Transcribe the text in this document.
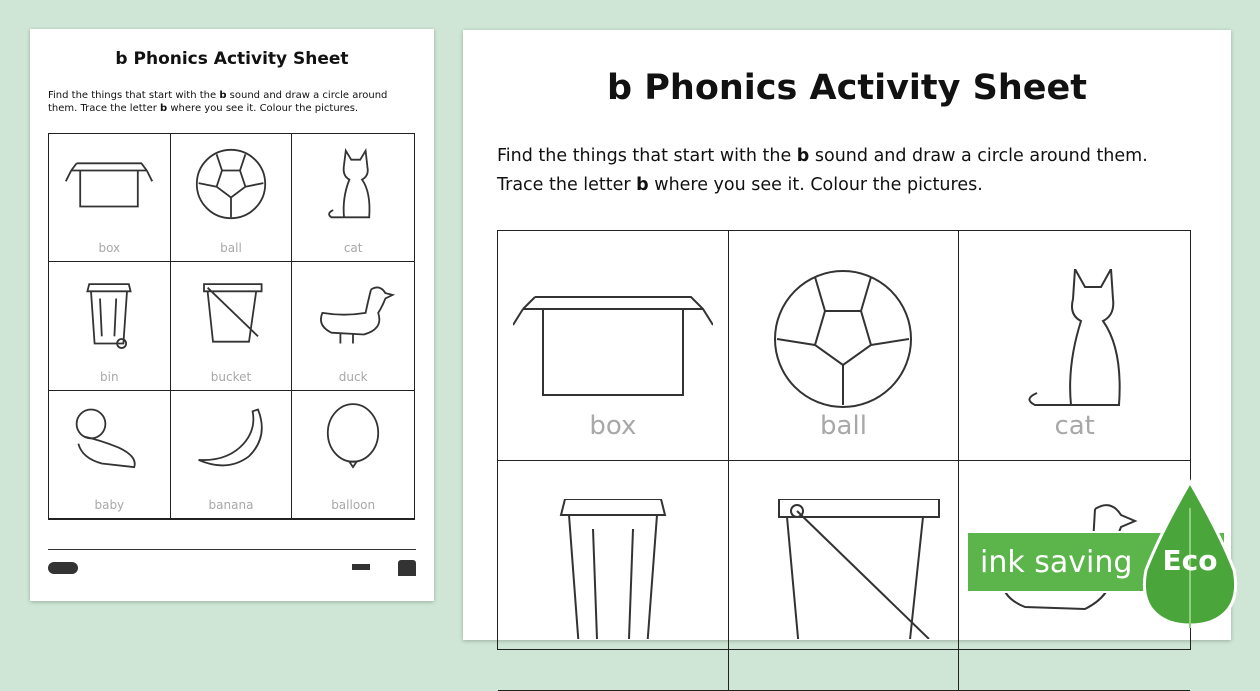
b Phonics Activity Sheet
Find the things that start with the b sound and draw a circle around them. Trace the letter b where you see it. Colour the pictures.
box	ball	cat
bin	bucket	duck
baby	banana	balloon
b Phonics Activity Sheet
Find the things that start with the b sound and draw a circle around them. Trace the letter b where you see it. Colour the pictures.
box	ball	cat
ink saving	Eco
